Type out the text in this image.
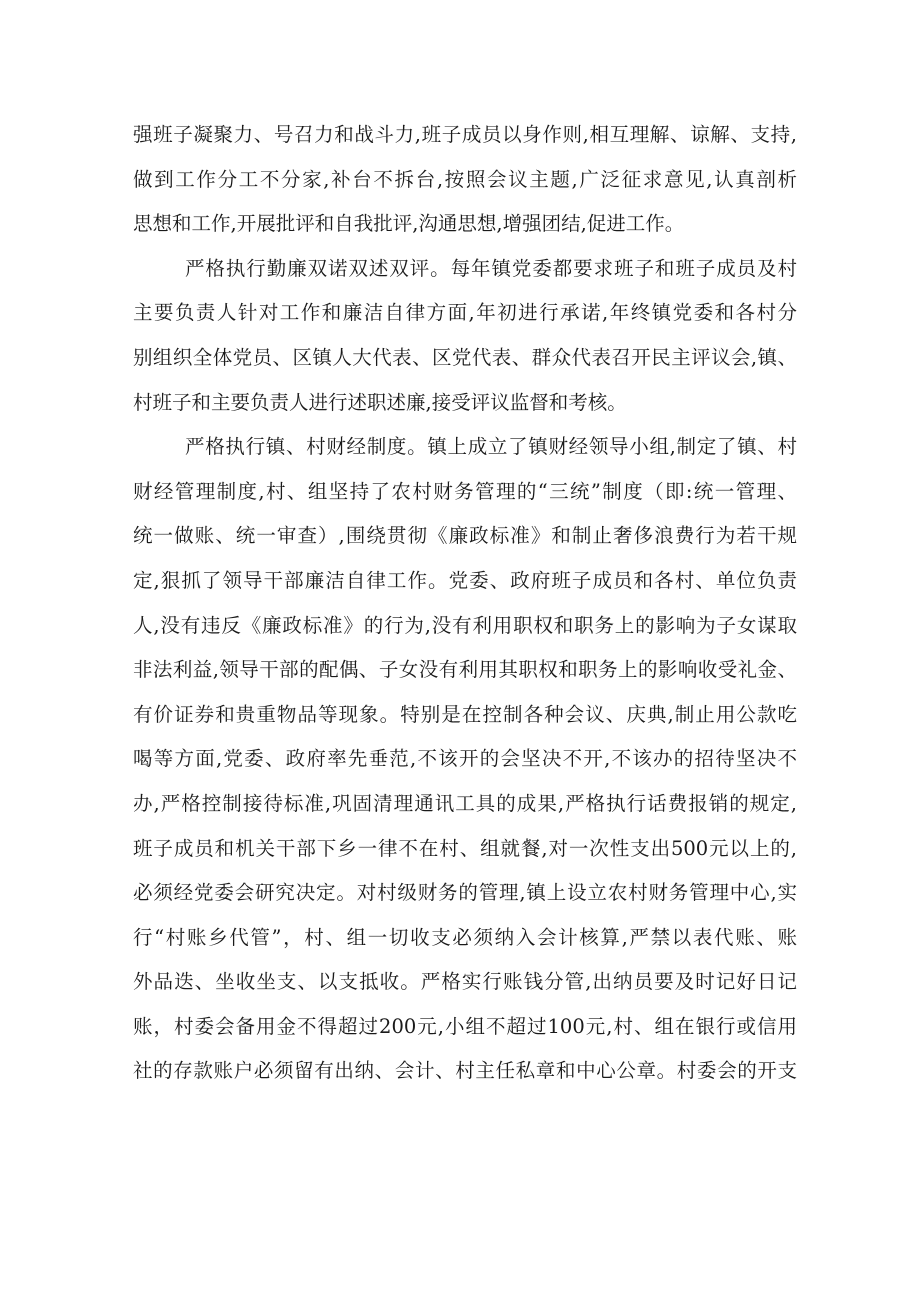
强班子凝聚力、号召力和战斗力,班子成员以身作则,相互理解、谅解、支持,
做到工作分工不分家,补台不拆台,按照会议主题,广泛征求意见,认真剖析
思想和工作,开展批评和自我批评,沟通思想,增强团结,促进工作。

严格执行勤廉双诺双述双评。每年镇党委都要求班子和班子成员及村
主要负责人针对工作和廉洁自律方面,年初进行承诺,年终镇党委和各村分
别组织全体党员、区镇人大代表、区党代表、群众代表召开民主评议会,镇、
村班子和主要负责人进行述职述廉,接受评议监督和考核。

严格执行镇、村财经制度。镇上成立了镇财经领导小组,制定了镇、村
财经管理制度,村、组坚持了农村财务管理的“三统”制度（即:统一管理、
统一做账、统一审查）,围绕贯彻《廉政标准》和制止奢侈浪费行为若干规
定,狠抓了领导干部廉洁自律工作。党委、政府班子成员和各村、单位负责
人,没有违反《廉政标准》的行为,没有利用职权和职务上的影响为子女谋取
非法利益,领导干部的配偶、子女没有利用其职权和职务上的影响收受礼金、
有价证券和贵重物品等现象。特别是在控制各种会议、庆典,制止用公款吃
喝等方面,党委、政府率先垂范,不该开的会坚决不开,不该办的招待坚决不
办,严格控制接待标准,巩固清理通讯工具的成果,严格执行话费报销的规定,
班子成员和机关干部下乡一律不在村、组就餐,对一次性支出500元以上的,
必须经党委会研究决定。对村级财务的管理,镇上设立农村财务管理中心,实
行“村账乡代管”，村、组一切收支必须纳入会计核算,严禁以表代账、账
外品迭、坐收坐支、以支抵收。严格实行账钱分管,出纳员要及时记好日记
账，村委会备用金不得超过200元,小组不超过100元,村、组在银行或信用
社的存款账户必须留有出纳、会计、村主任私章和中心公章。村委会的开支
